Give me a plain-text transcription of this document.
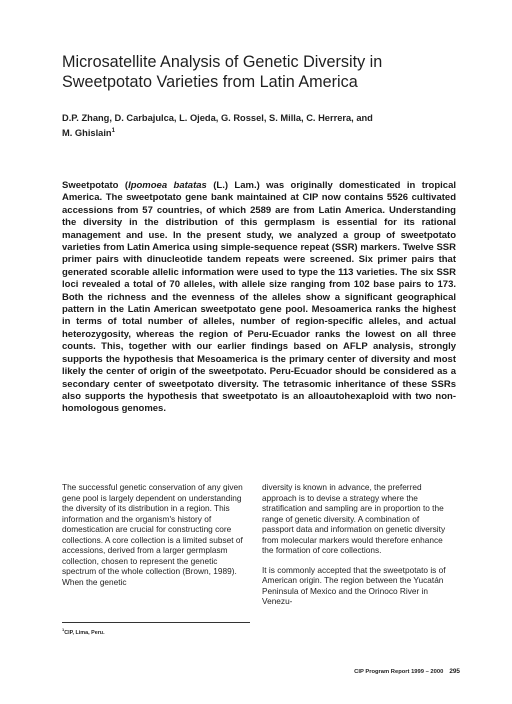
Microsatellite Analysis of Genetic Diversity in
Sweetpotato Varieties from Latin America
D.P. Zhang, D. Carbajulca, L. Ojeda, G. Rossel, S. Milla, C. Herrera, and
M. Ghislain$^1$
Sweetpotato (Ipomoea batatas (L.) Lam.) was originally domesticated in tropical America. The sweetpotato gene bank maintained at CIP now contains 5526 cultivated accessions from 57 countries, of which 2589 are from Latin America. Understanding the diversity in the distribution of this germplasm is essential for its rational management and use. In the present study, we analyzed a group of sweetpotato varieties from Latin America using simple-sequence repeat (SSR) markers. Twelve SSR primer pairs with dinucleotide tandem repeats were screened. Six primer pairs that generated scorable allelic information were used to type the 113 varieties. The six SSR loci revealed a total of 70 alleles, with allele size ranging from 102 base pairs to 173. Both the richness and the evenness of the alleles show a significant geographical pattern in the Latin American sweetpotato gene pool. Mesoamerica ranks the highest in terms of total number of alleles, number of region-specific alleles, and actual heterozygosity, whereas the region of Peru-Ecuador ranks the lowest on all three counts. This, together with our earlier findings based on AFLP analysis, strongly supports the hypothesis that Mesoamerica is the primary center of diversity and most likely the center of origin of the sweetpotato. Peru-Ecuador should be considered as a secondary center of sweetpotato diversity. The tetrasomic inheritance of these SSRs also supports the hypothesis that sweetpotato is an alloautohexaploid with two non-homologous genomes.

The successful genetic conservation of any given gene pool is largely dependent on understanding the diversity of its distribution in a region. This information and the organism's history of domestication are crucial for constructing core collections. A core collection is a limited subset of accessions, derived from a larger germplasm collection, chosen to represent the genetic spectrum of the whole collection (Brown, 1989). When the genetic

diversity is known in advance, the preferred approach is to devise a strategy where the stratification and sampling are in proportion to the range of genetic diversity. A combination of passport data and information on genetic diversity from molecular markers would therefore enhance the formation of core collections.

It is commonly accepted that the sweetpotato is of American origin. The region between the Yucatán Peninsula of Mexico and the Orinoco River in Venezu-

$^1$CIP, Lima, Peru.
CIP Program Report 1999 – 2000 295
